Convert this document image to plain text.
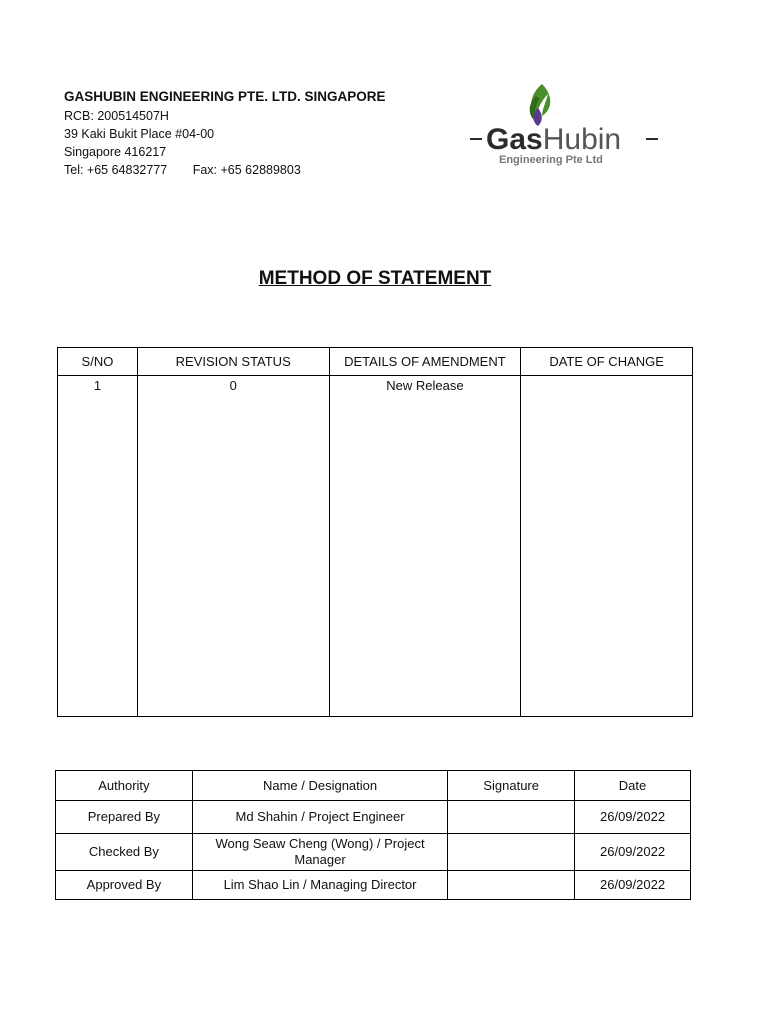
GASHUBIN ENGINEERING PTE. LTD. SINGAPORE
RCB: 200514507H
39 Kaki Bukit Place #04-00
Singapore 416217
Tel: +65 64832777 Fax: +65 62889803
GasHubin
Engineering Pte Ltd
METHOD OF STATEMENT
S/NO	REVISION STATUS	DETAILS OF AMENDMENT	DATE OF CHANGE
1	0	New Release	
Authority	Name / Designation	Signature	Date
Prepared By	Md Shahin / Project Engineer		26/09/2022
Checked By	Wong Seaw Cheng (Wong) / Project Manager		26/09/2022
Approved By	Lim Shao Lin / Managing Director		26/09/2022
